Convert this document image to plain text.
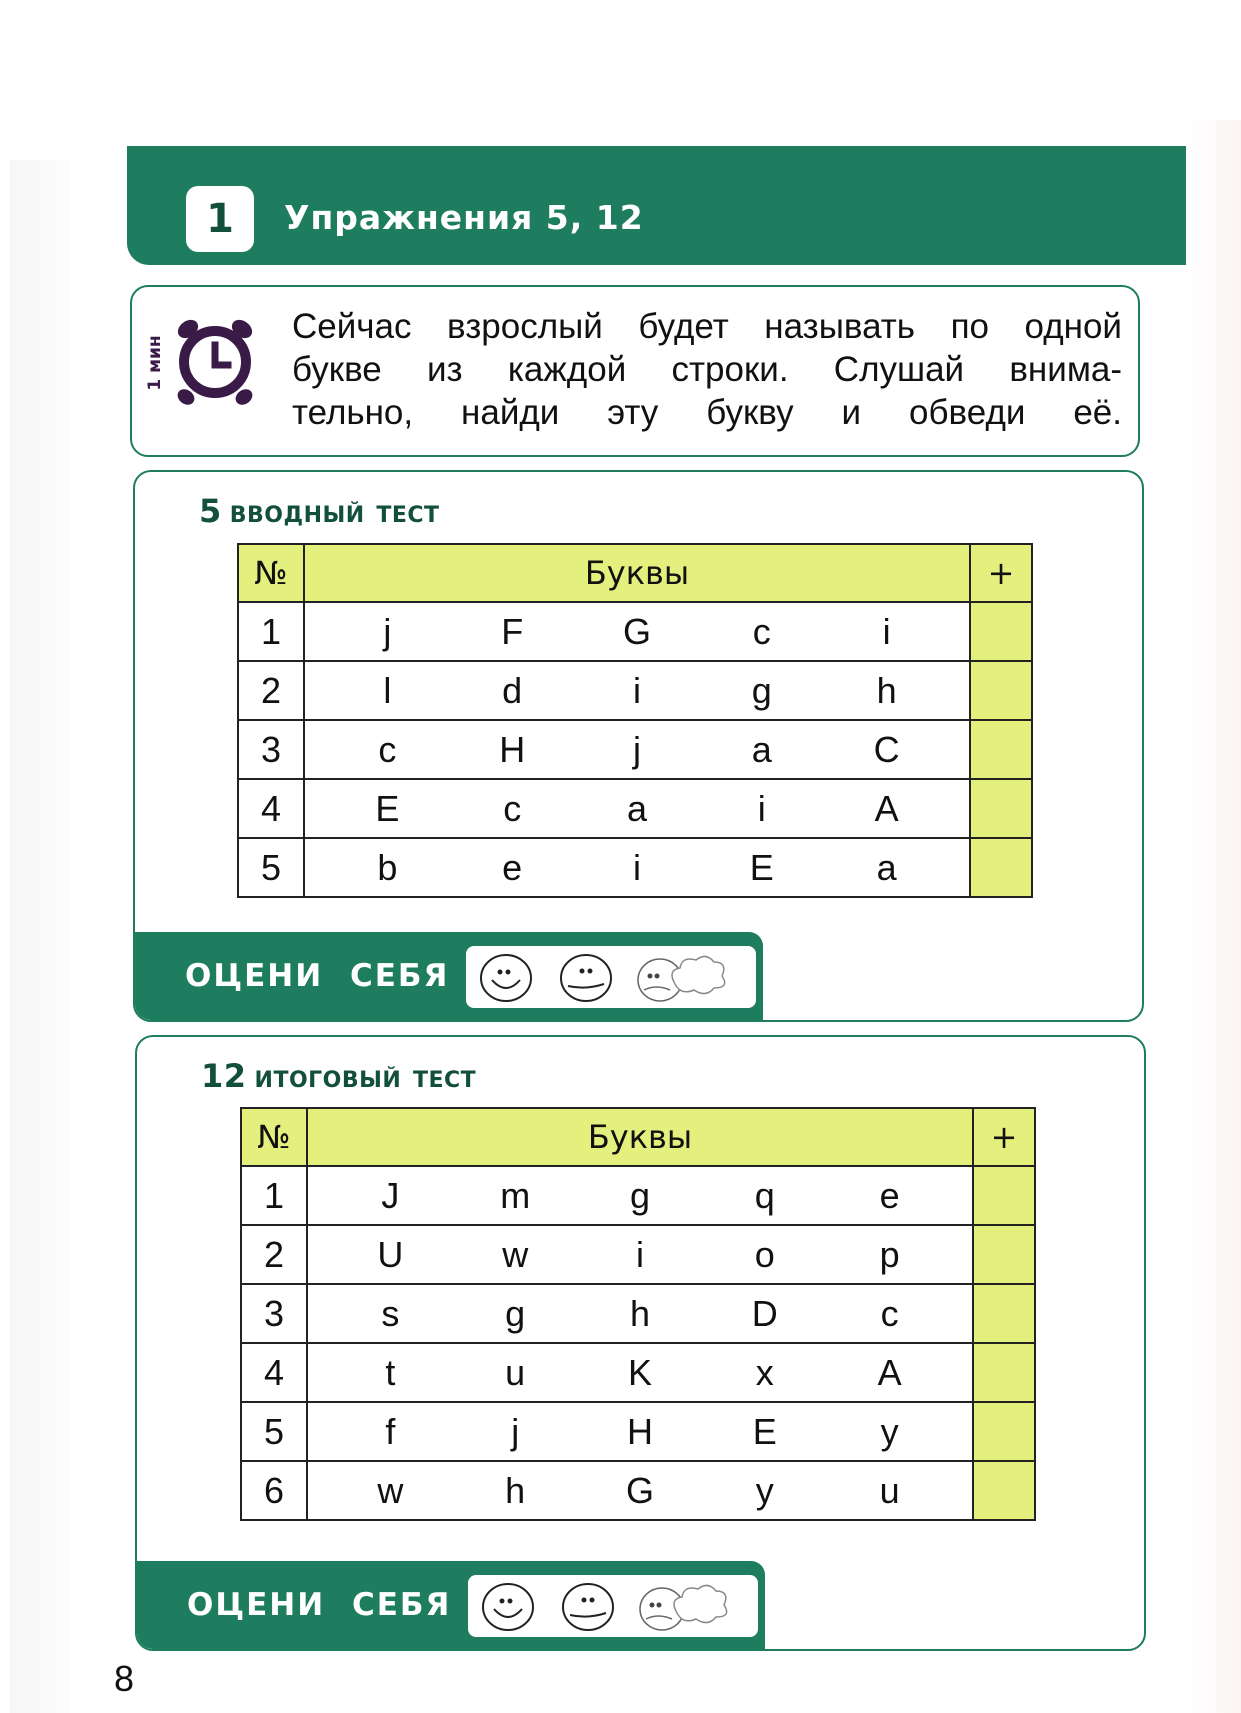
1	Упражнения 5, 12
1 мин
Сейчас взрослый будет называть по одной
букве из каждой строки. Слушай внима-
тельно, найди эту букву и обведи её.
5 вводный тест
№	Буквы	+
1	j F G c i	

2	l d i g h	

3	c H j a C	

4	E c a i A	

5	b e i E a	

ОЦЕНИ СЕБЯ
12 итоговый тест
№	Буквы	+
1	J m g q e	

2	U w i o p	

3	s g h D c	

4	t u K x A	

5	f j H E y	

6	w h G y u	

ОЦЕНИ СЕБЯ
8
